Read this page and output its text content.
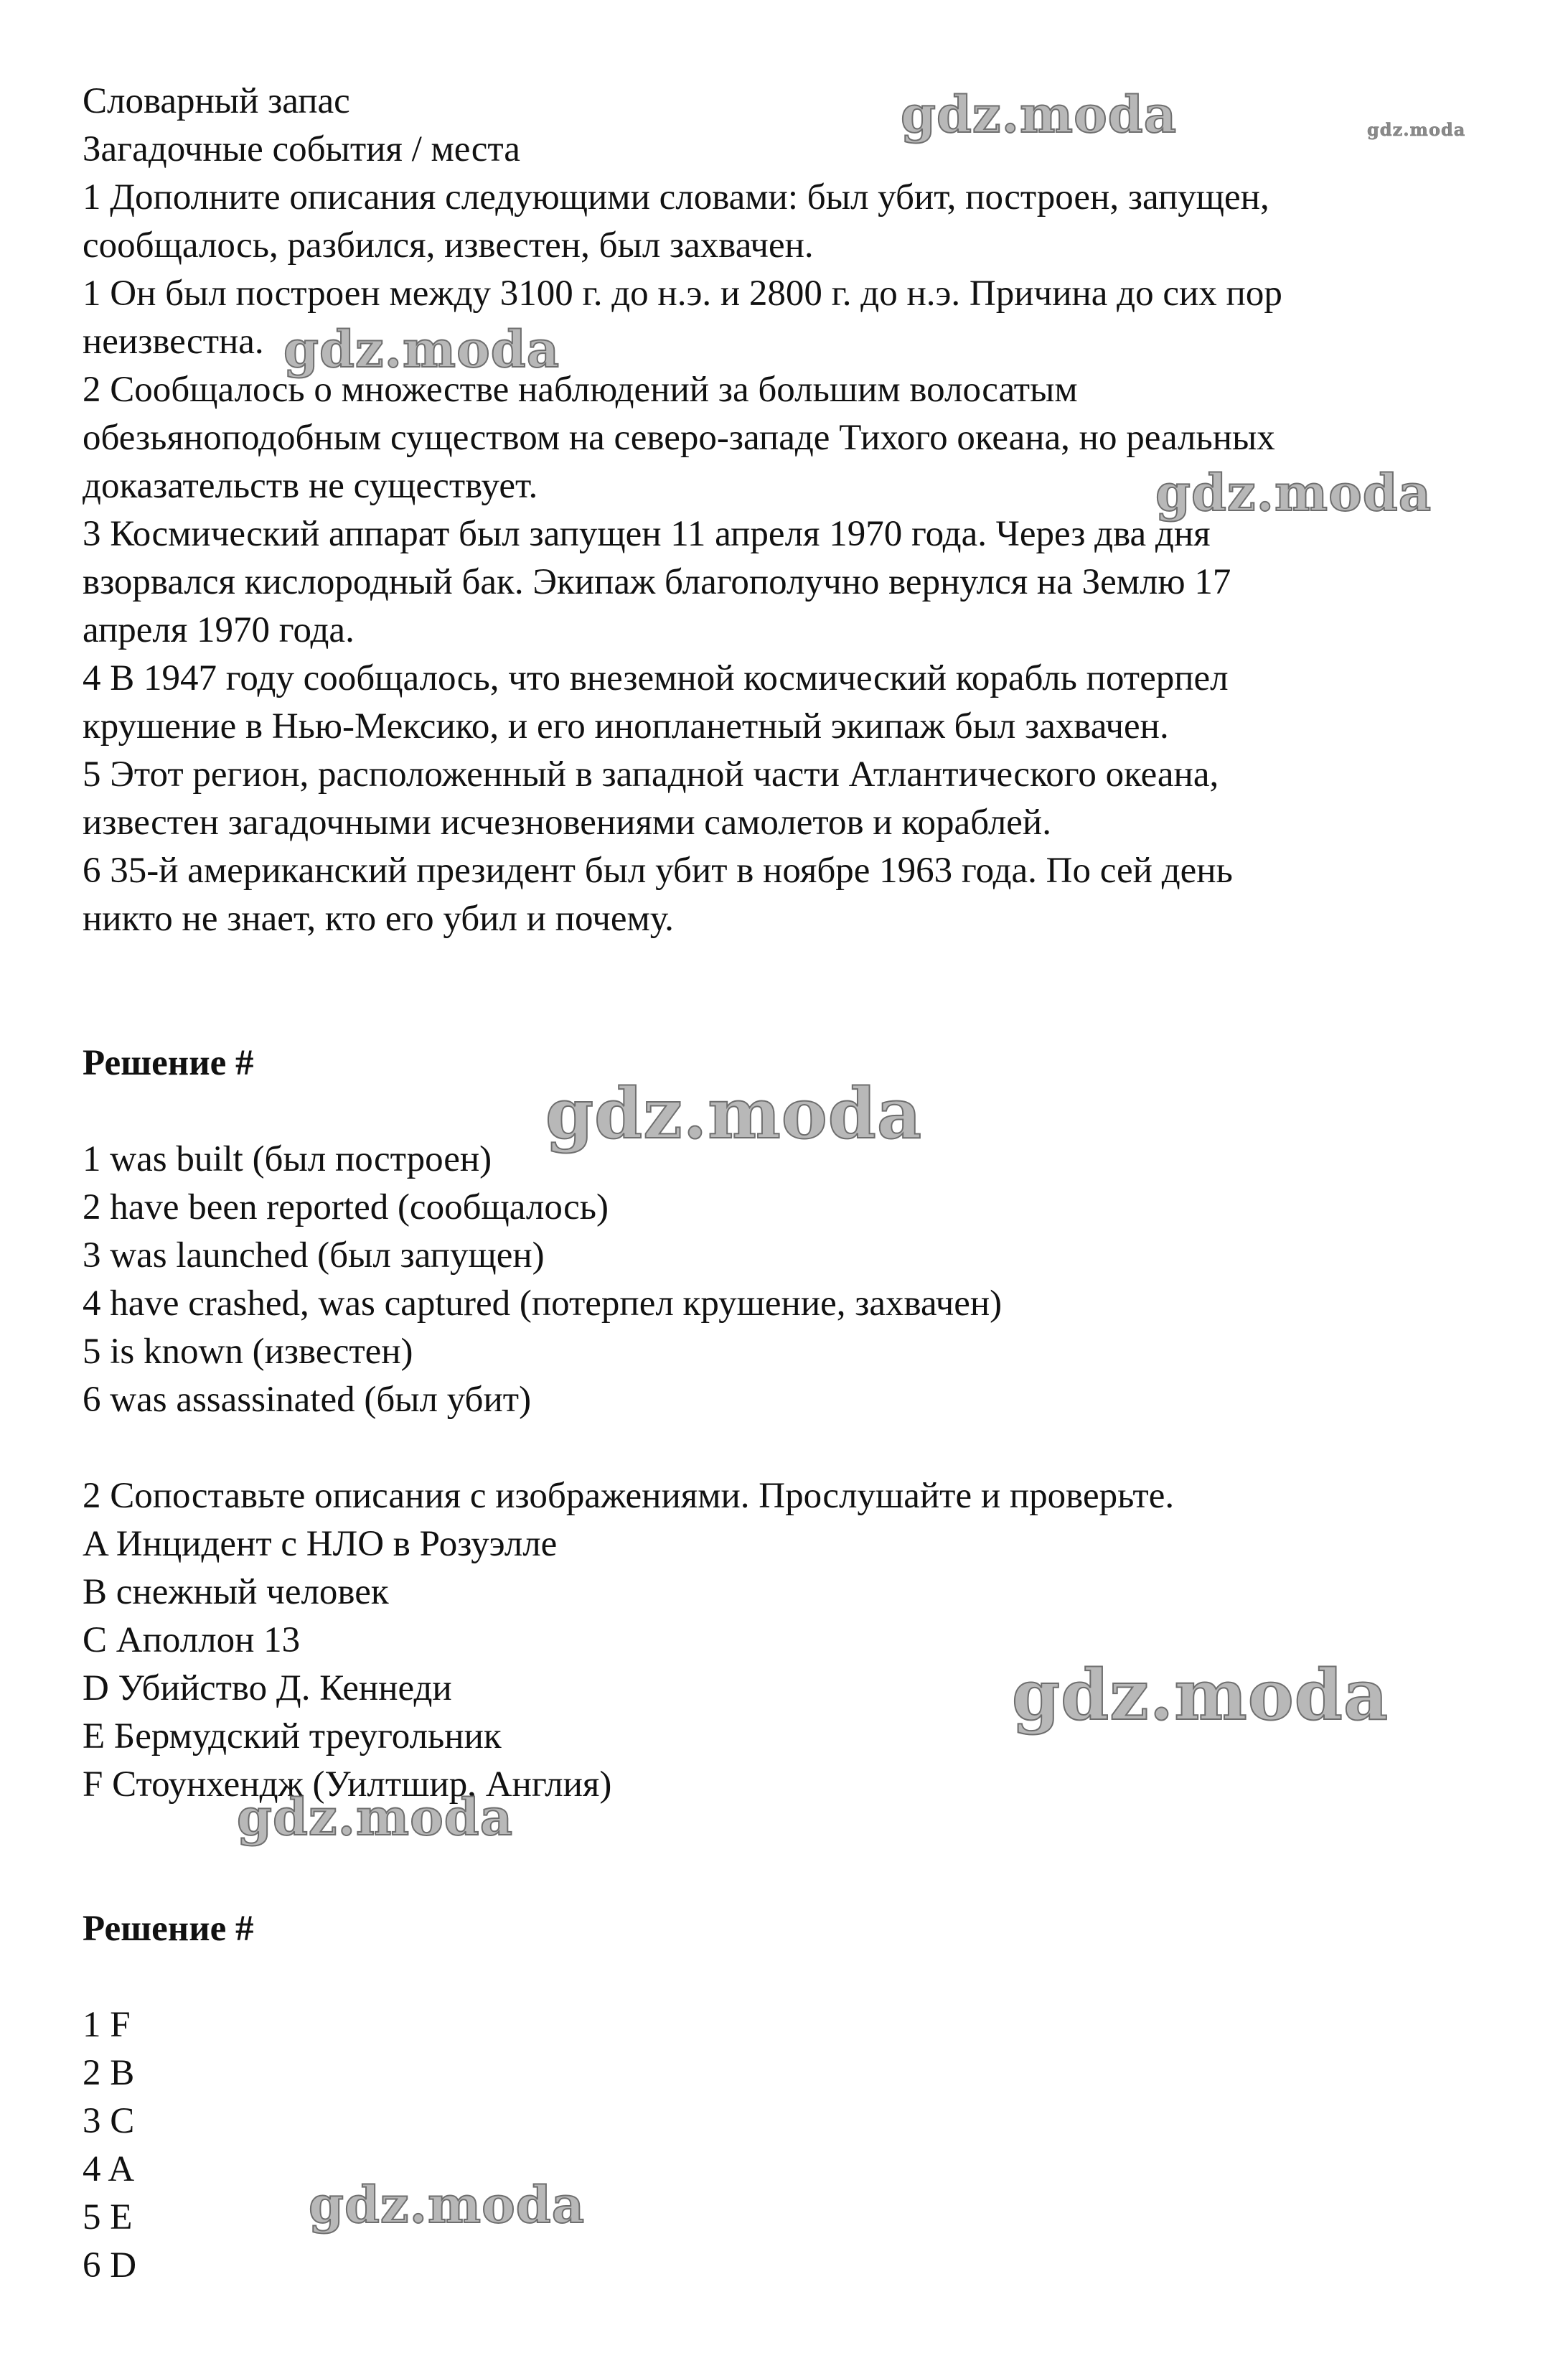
Словарный запас
Загадочные события / места
1 Дополните описания следующими словами: был убит, построен, запущен,
сообщалось, разбился, известен, был захвачен.
1 Он был построен между 3100 г. до н.э. и 2800 г. до н.э. Причина до сих пор
неизвестна.
2 Сообщалось о множестве наблюдений за большим волосатым
обезьяноподобным существом на северо-западе Тихого океана, но реальных
доказательств не существует.
3 Космический аппарат был запущен 11 апреля 1970 года. Через два дня
взорвался кислородный бак. Экипаж благополучно вернулся на Землю 17
апреля 1970 года.
4 В 1947 году сообщалось, что внеземной космический корабль потерпел
крушение в Нью-Мексико, и его инопланетный экипаж был захвачен.
5 Этот регион, расположенный в западной части Атлантического океана,
известен загадочными исчезновениями самолетов и кораблей.
6 35-й американский президент был убит в ноябре 1963 года. По сей день
никто не знает, кто его убил и почему.
Решение #
1 was built (был построен)
2 have been reported (сообщалось)
3 was launched (был запущен)
4 have crashed, was captured (потерпел крушение, захвачен)
5 is known (известен)
6 was assassinated (был убит)
2 Сопоставьте описания с изображениями. Прослушайте и проверьте.
A Инцидент с НЛО в Розуэлле
B снежный человек
C Аполлон 13
D Убийство Д. Кеннеди
E Бермудский треугольник
F Стоунхендж (Уилтшир, Англия)
Решение #
1 F
2 B
3 C
4 A
5 E
6 D
gdz.moda	gdz.moda
gdz.moda
gdz.moda
gdz.moda
gdz.moda
gdz.moda
gdz.moda
